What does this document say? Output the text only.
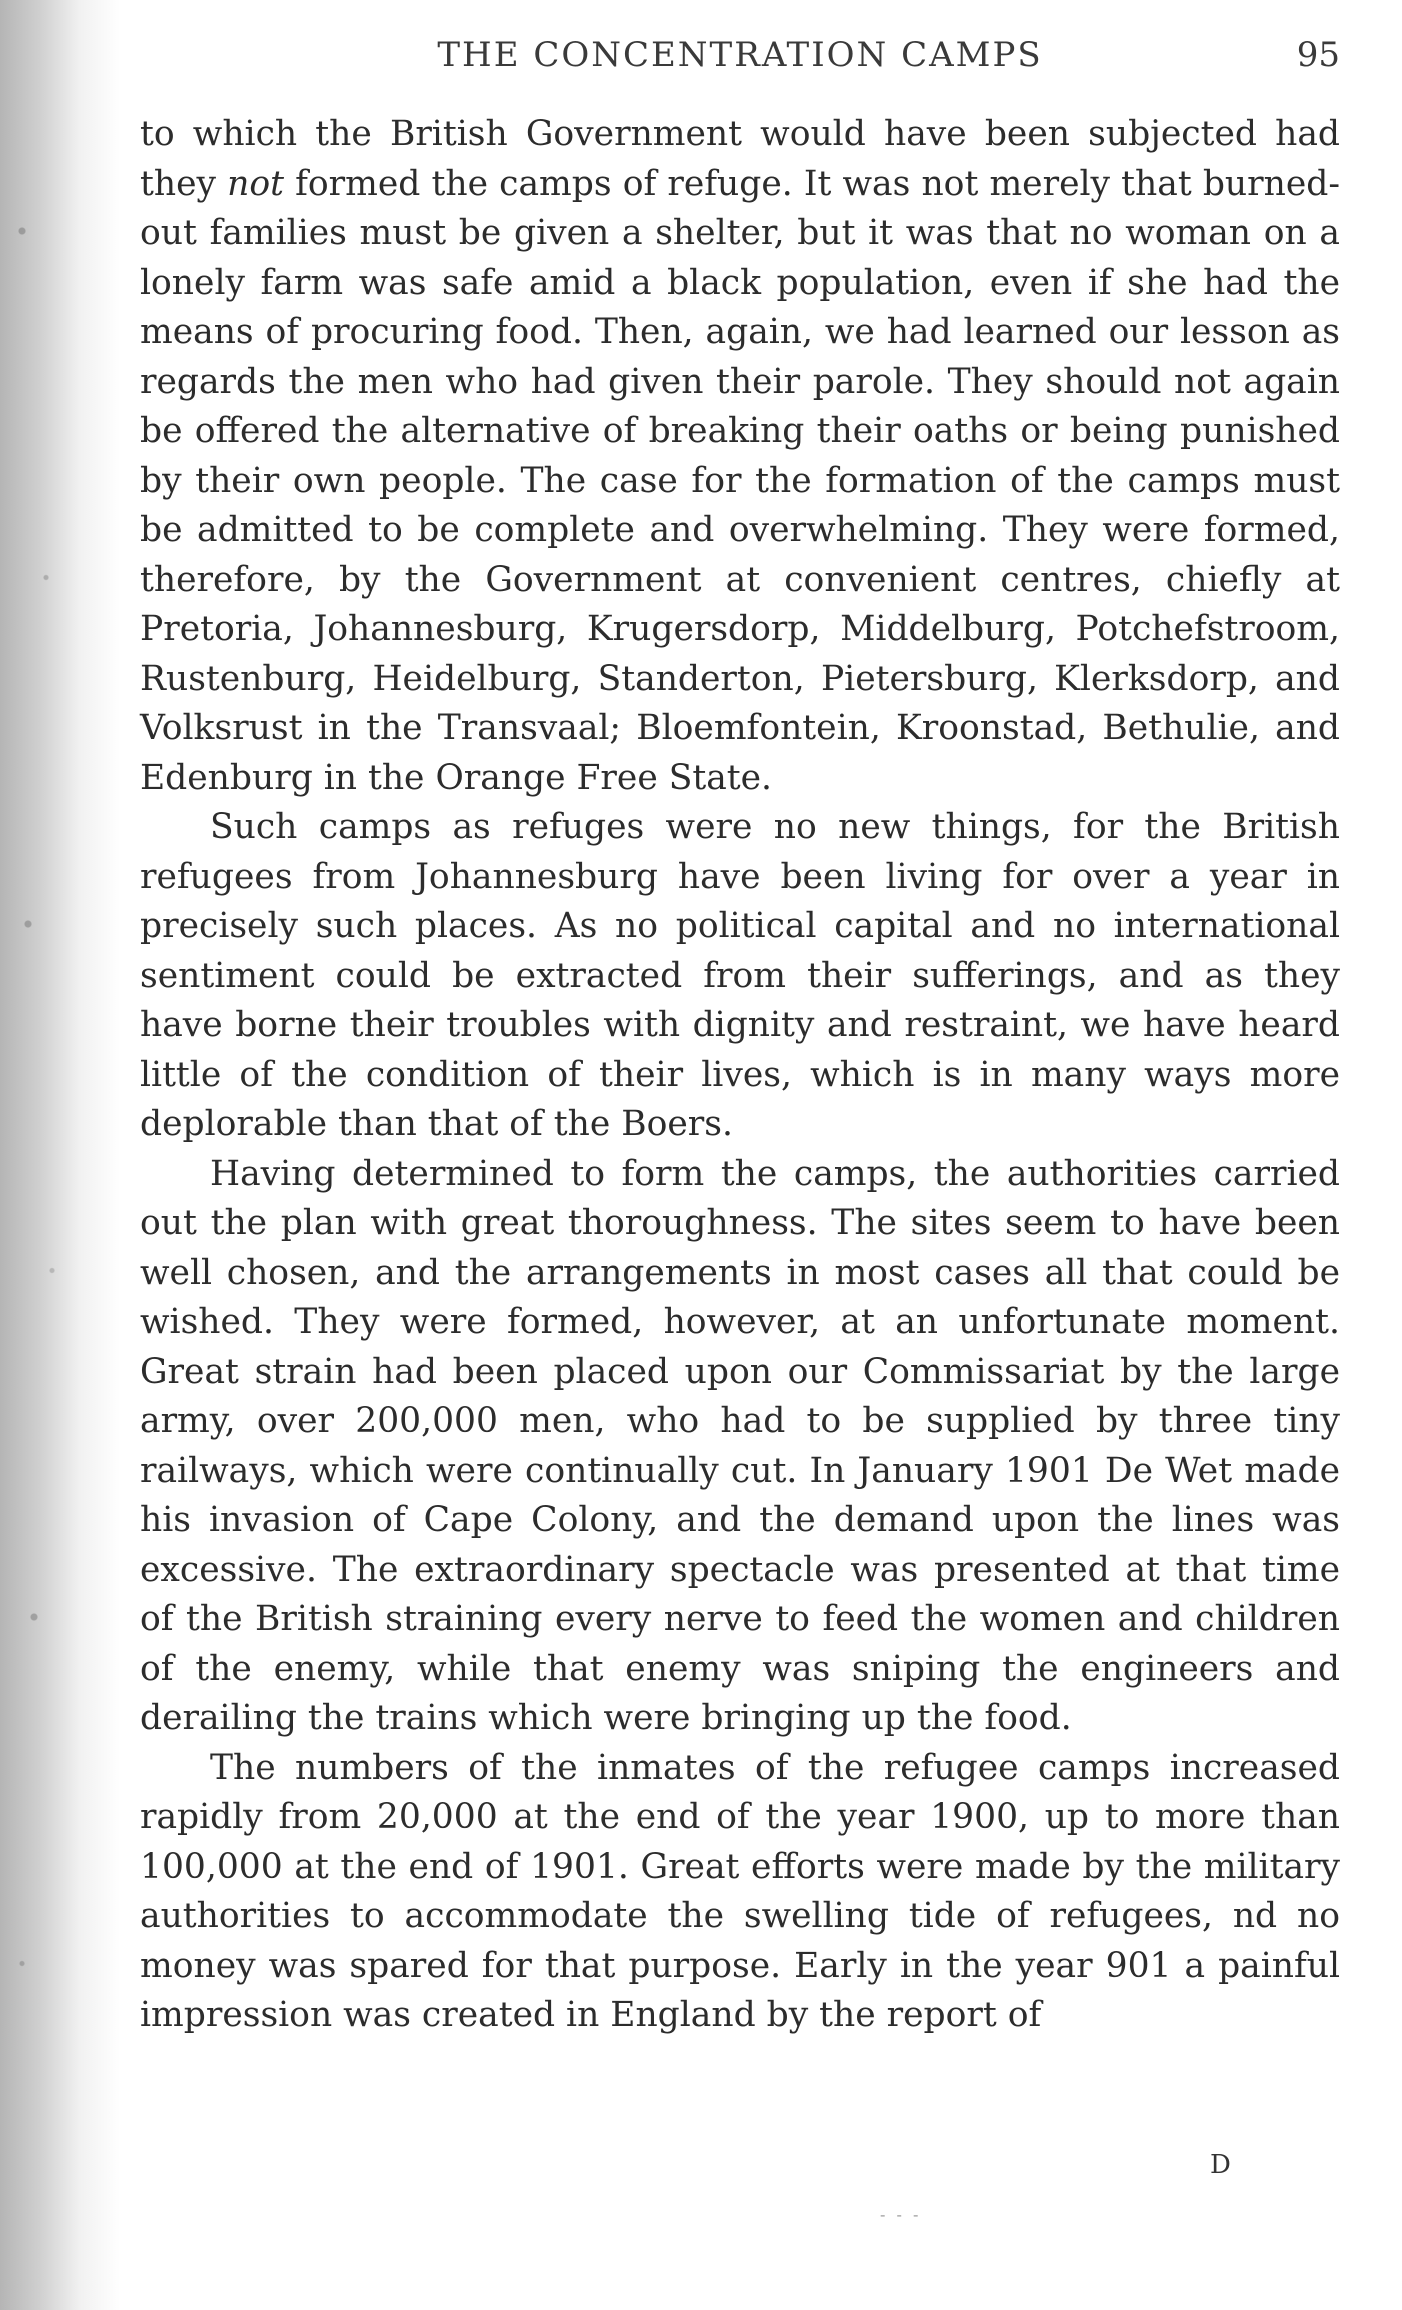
THE CONCENTRATION CAMPS	95

to which the British Government would have been subjected had they not formed the camps of refuge. It was not merely that burned-out families must be given a shelter, but it was that no woman on a lonely farm was safe amid a black population, even if she had the means of procuring food. Then, again, we had learned our lesson as regards the men who had given their parole. They should not again be offered the alternative of breaking their oaths or being punished by their own people. The case for the formation of the camps must be admitted to be complete and overwhelming. They were formed, therefore, by the Government at convenient centres, chiefly at Pretoria, Johannesburg, Krugersdorp, Middelburg, Potchefstroom, Rustenburg, Heidelburg, Standerton, Pietersburg, Klerksdorp, and Volksrust in the Transvaal; Bloemfontein, Kroonstad, Bethulie, and Edenburg in the Orange Free State.

Such camps as refuges were no new things, for the British refugees from Johannesburg have been living for over a year in precisely such places. As no political capital and no international sentiment could be extracted from their sufferings, and as they have borne their troubles with dignity and restraint, we have heard little of the condition of their lives, which is in many ways more deplorable than that of the Boers.

Having determined to form the camps, the authorities carried out the plan with great thoroughness. The sites seem to have been well chosen, and the arrangements in most cases all that could be wished. They were formed, however, at an unfortunate moment. Great strain had been placed upon our Commissariat by the large army, over 200,000 men, who had to be supplied by three tiny railways, which were continually cut. In January 1901 De Wet made his invasion of Cape Colony, and the demand upon the lines was excessive. The extraordinary spectacle was presented at that time of the British straining every nerve to feed the women and children of the enemy, while that enemy was sniping the engineers and derailing the trains which were bringing up the food.

The numbers of the inmates of the refugee camps increased rapidly from 20,000 at the end of the year 1900, up to more than 100,000 at the end of 1901. Great efforts were made by the military authorities to accommodate the swelling tide of refugees, nd no money was spared for that purpose. Early in the year 901 a painful impression was created in England by the report of

D
- - -
